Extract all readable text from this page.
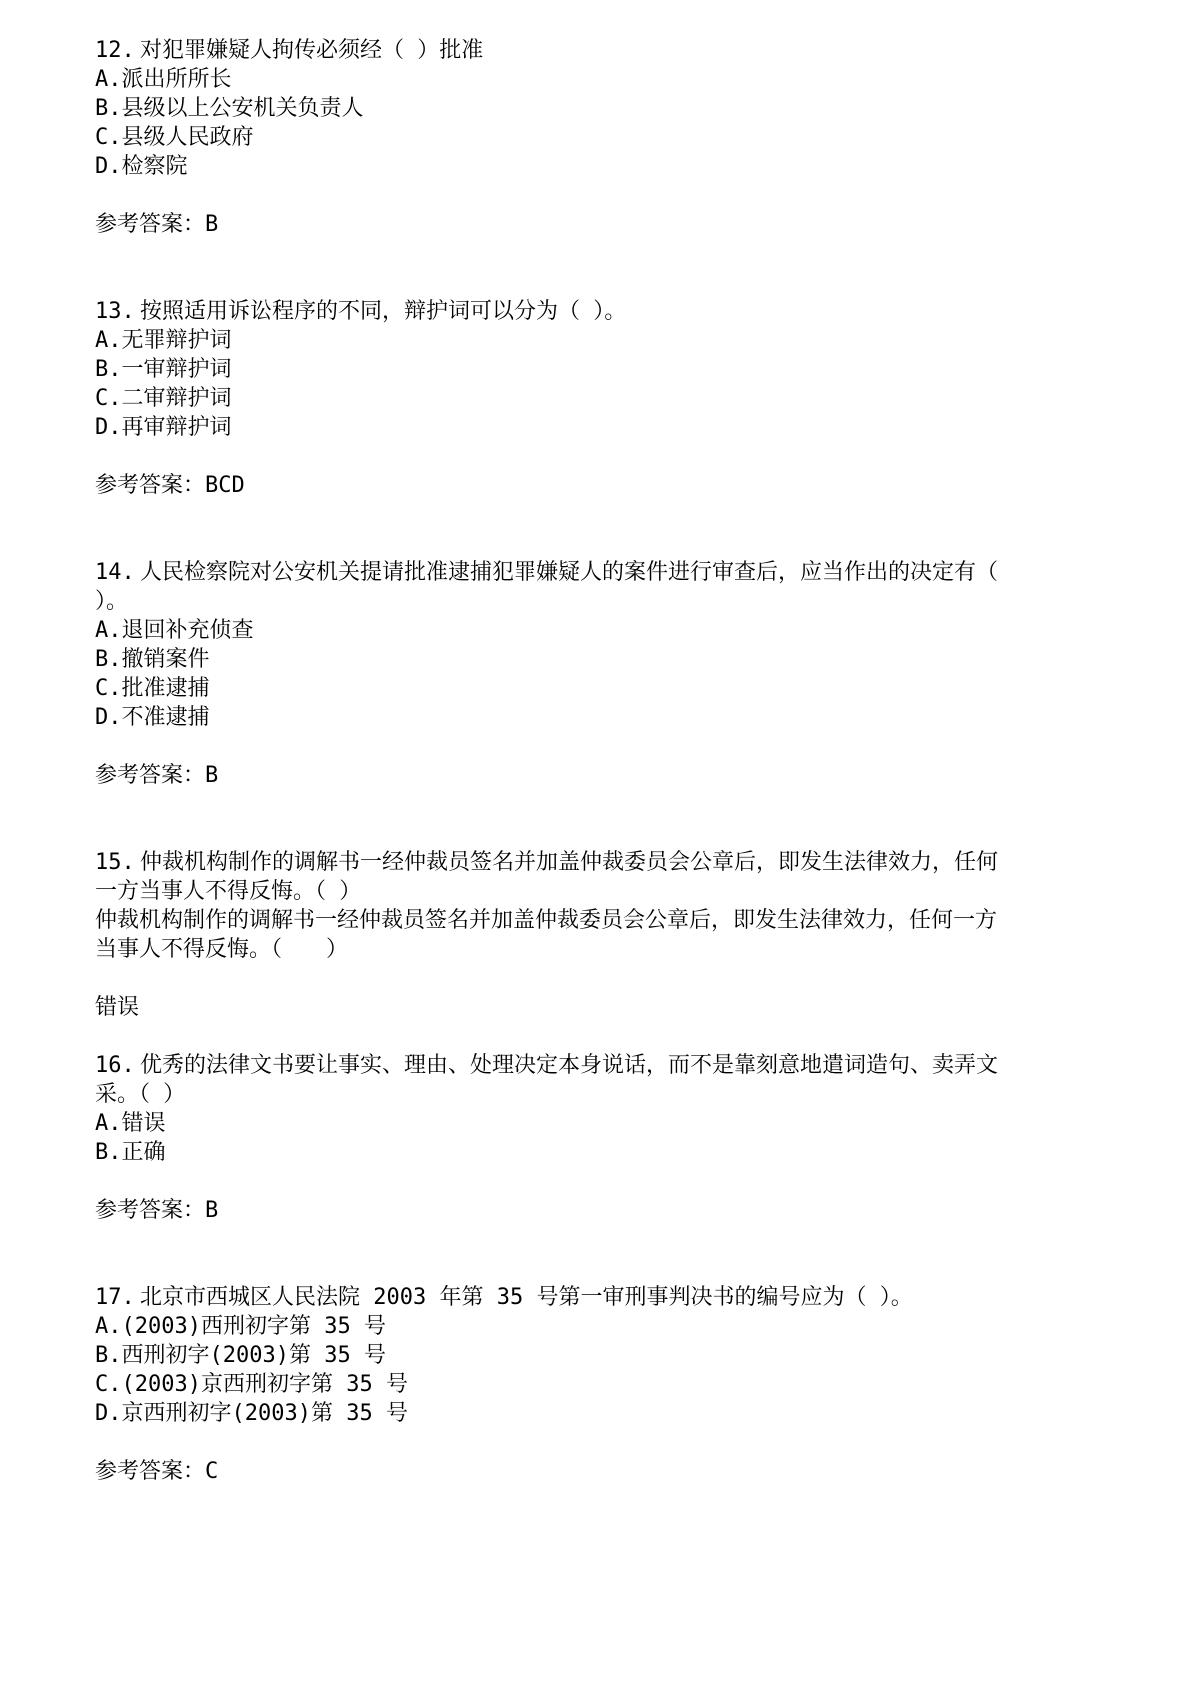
12. 对犯罪嫌疑人拘传必须经（ ）批准
A.派出所所长
B.县级以上公安机关负责人
C.县级人民政府
D.检察院
参考答案：B
13. 按照适用诉讼程序的不同，辩护词可以分为（ ）。
A.无罪辩护词
B.一审辩护词
C.二审辩护词
D.再审辩护词
参考答案：BCD
14. 人民检察院对公安机关提请批准逮捕犯罪嫌疑人的案件进行审查后，应当作出的决定有（ ）。
A.退回补充侦查
B.撤销案件
C.批准逮捕
D.不准逮捕
参考答案：B
15. 仲裁机构制作的调解书一经仲裁员签名并加盖仲裁委员会公章后，即发生法律效力，任何一方当事人不得反悔。（ ）
仲裁机构制作的调解书一经仲裁员签名并加盖仲裁委员会公章后，即发生法律效力，任何一方当事人不得反悔。（　　）
错误
16. 优秀的法律文书要让事实、理由、处理决定本身说话，而不是靠刻意地遣词造句、卖弄文采。（ ）
A.错误
B.正确
参考答案：B
17. 北京市西城区人民法院 2003 年第 35 号第一审刑事判决书的编号应为（ ）。
A.(2003)西刑初字第 35 号
B.西刑初字(2003)第 35 号
C.(2003)京西刑初字第 35 号
D.京西刑初字(2003)第 35 号
参考答案：C
